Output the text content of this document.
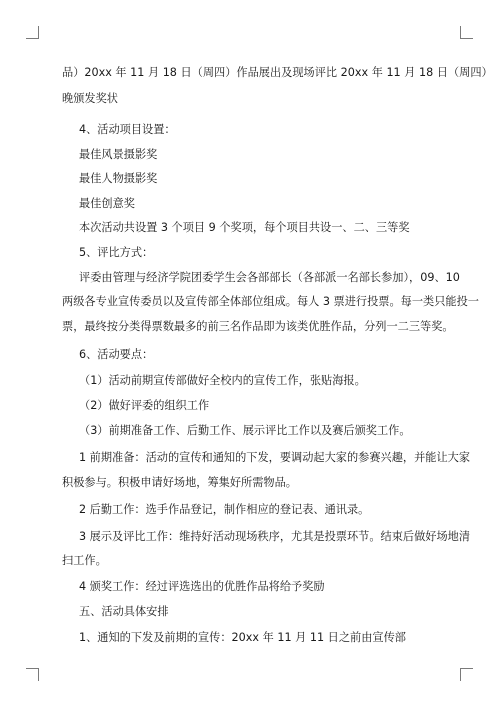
品）20xx 年 11 月 18 日（周四）作品展出及现场评比 20xx 年 11 月 18 日（周四）
晚颁发奖状
4、活动项目设置：
最佳风景摄影奖
最佳人物摄影奖
最佳创意奖
本次活动共设置 3 个项目 9 个奖项，每个项目共设一、二、三等奖
5、评比方式：
评委由管理与经济学院团委学生会各部部长（各部派一名部长参加），09、10
两级各专业宣传委员以及宣传部全体部位组成。每人 3 票进行投票。每一类只能投一
票，最终按分类得票数最多的前三名作品即为该类优胜作品，分列一二三等奖。
6、活动要点：
（1）活动前期宣传部做好全校内的宣传工作，张贴海报。
（2）做好评委的组织工作
（3）前期准备工作、后勤工作、展示评比工作以及赛后颁奖工作。
1 前期准备：活动的宣传和通知的下发，要调动起大家的参赛兴趣，并能让大家
积极参与。积极申请好场地，筹集好所需物品。
2 后勤工作：选手作品登记，制作相应的登记表、通讯录。
3 展示及评比工作：维持好活动现场秩序，尤其是投票环节。结束后做好场地清
扫工作。
4 颁奖工作：经过评选选出的优胜作品将给予奖励
五、活动具体安排
1、通知的下发及前期的宣传：20xx 年 11 月 11 日之前由宣传部
